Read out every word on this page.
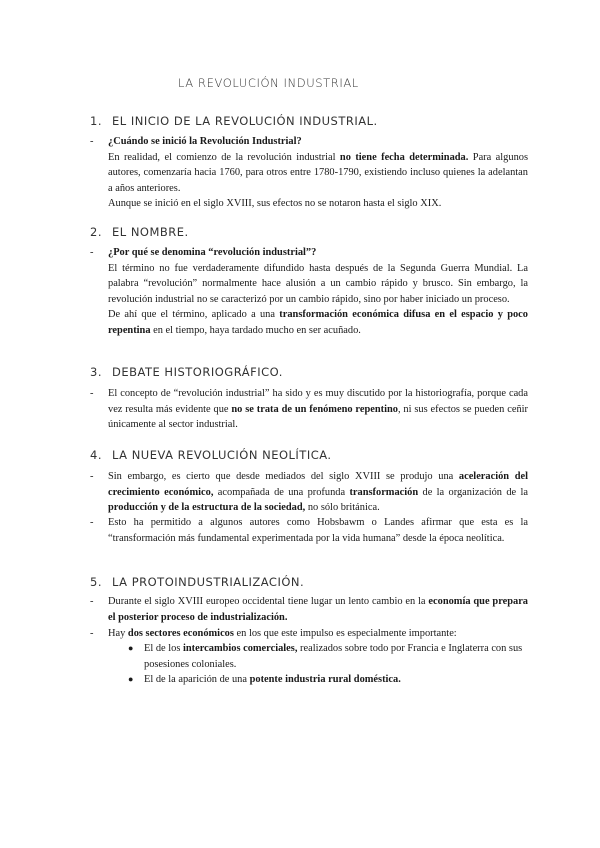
LA REVOLUCIÓN INDUSTRIAL
1. EL INICIO DE LA REVOLUCIÓN INDUSTRIAL.
- ¿Cuándo se inició la Revolución Industrial?

En realidad, el comienzo de la revolución industrial no tiene fecha determinada. Para algunos autores, comenzaría hacia 1760, para otros entre 1780-1790, existiendo incluso quienes la adelantan a años anteriores.

Aunque se inició en el siglo XVIII, sus efectos no se notaron hasta el siglo XIX.

2. EL NOMBRE.
- ¿Por qué se denomina “revolución industrial”?

El término no fue verdaderamente difundido hasta después de la Segunda Guerra Mundial. La palabra “revolución” normalmente hace alusión a un cambio rápido y brusco. Sin embargo, la revolución industrial no se caracterizó por un cambio rápido, sino por haber iniciado un proceso.

De ahí que el término, aplicado a una transformación económica difusa en el espacio y poco repentina en el tiempo, haya tardado mucho en ser acuñado.

3. DEBATE HISTORIOGRÁFICO.
- El concepto de “revolución industrial” ha sido y es muy discutido por la historiografía, porque cada vez resulta más evidente que no se trata de un fenómeno repentino, ni sus efectos se pueden ceñir únicamente al sector industrial.

4. LA NUEVA REVOLUCIÓN NEOLÍTICA.
- Sin embargo, es cierto que desde mediados del siglo XVIII se produjo una aceleración del crecimiento económico, acompañada de una profunda transformación de la organización de la producción y de la estructura de la sociedad, no sólo británica.

- Esto ha permitido a algunos autores como Hobsbawm o Landes afirmar que esta es la “transformación más fundamental experimentada por la vida humana” desde la época neolítica.

5. LA PROTOINDUSTRIALIZACIÓN.
- Durante el siglo XVIII europeo occidental tiene lugar un lento cambio en la economía que prepara el posterior proceso de industrialización.

- Hay dos sectores económicos en los que este impulso es especialmente importante:

● El de los intercambios comerciales, realizados sobre todo por Francia e Inglaterra con sus posesiones coloniales.

● El de la aparición de una potente industria rural doméstica.
